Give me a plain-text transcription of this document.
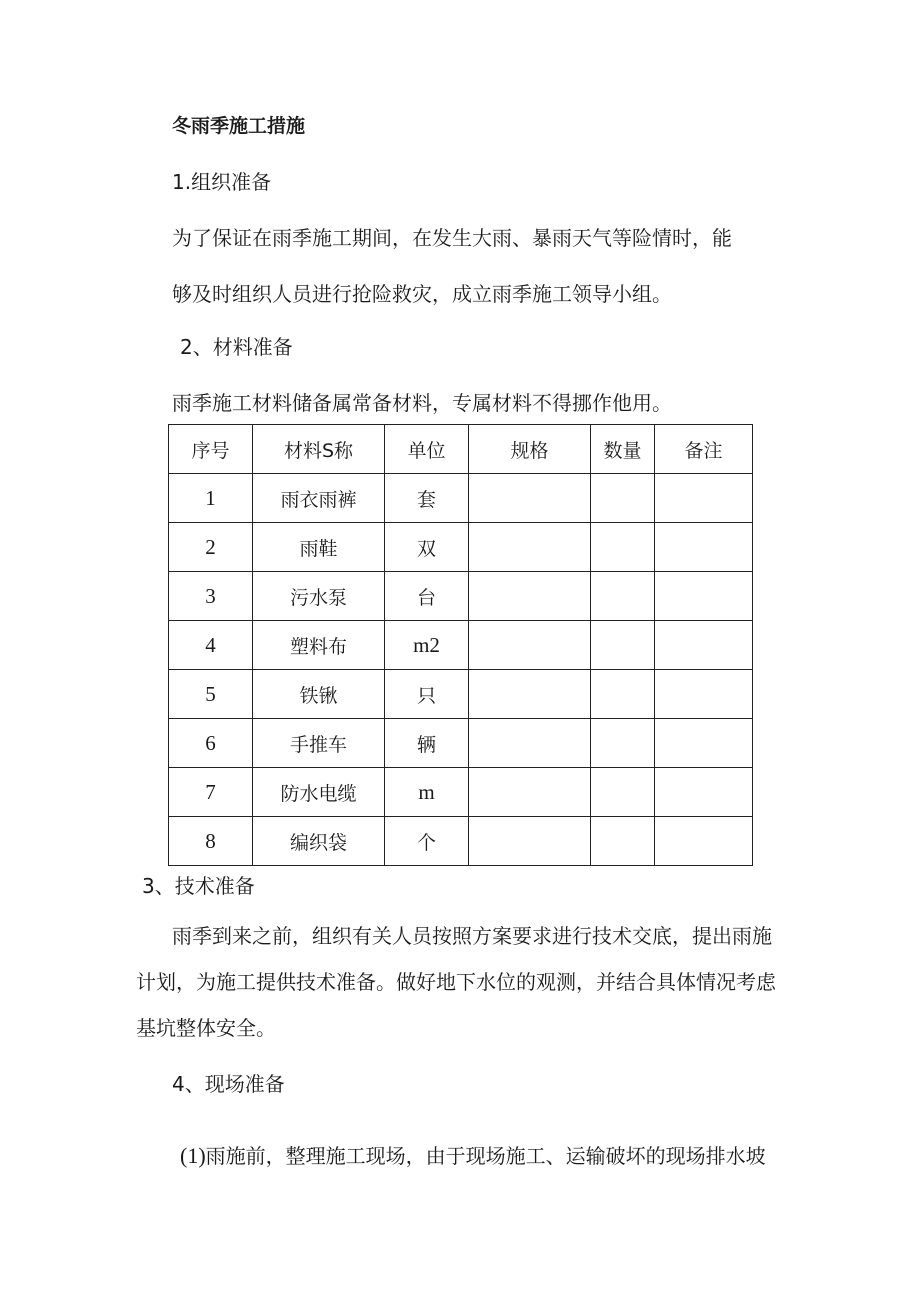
冬雨季施工措施
1.组织准备
为了保证在雨季施工期间，在发生大雨、暴雨天气等险情时，能
够及时组织人员进行抢险救灾，成立雨季施工领导小组。
2、材料准备
雨季施工材料储备属常备材料，专属材料不得挪作他用。
序号	材料S称	单位	规格	数量	备注
1	雨衣雨裤	套			
2	雨鞋	双			
3	污水泵	台			
4	塑料布	m2			
5	铁锹	只			
6	手推车	辆			
7	防水电缆	m			
8	编织袋	个			
3、技术准备
雨季到来之前，组织有关人员按照方案要求进行技术交底，提出雨施
计划，为施工提供技术准备。做好地下水位的观测，并结合具体情况考虑
基坑整体安全。
4、现场准备
(1)雨施前，整理施工现场，由于现场施工、运输破坏的现场排水坡
